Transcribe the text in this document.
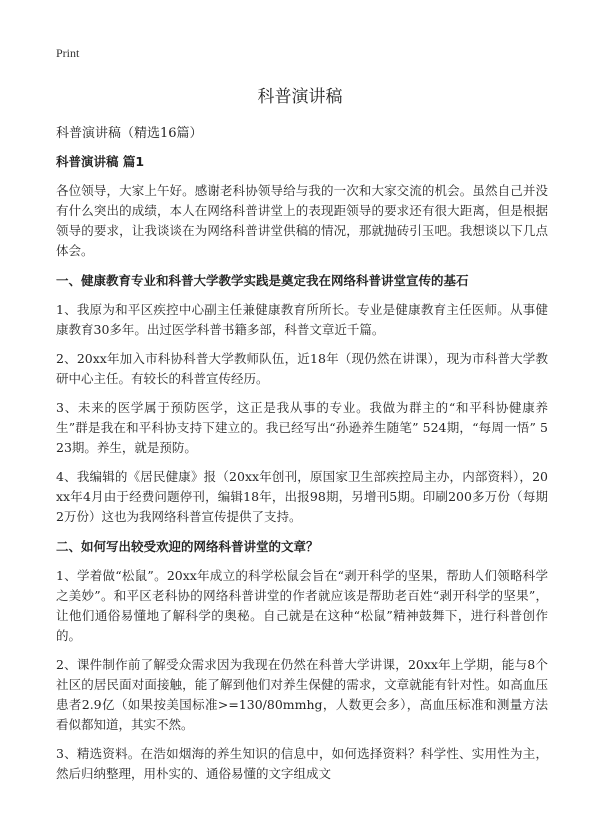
Print
科普演讲稿
科普演讲稿（精选16篇）

科普演讲稿 篇1

各位领导，大家上午好。感谢老科协领导给与我的一次和大家交流的机会。虽然自己并没有什么突出的成绩，本人在网络科普讲堂上的表现距领导的要求还有很大距离，但是根据领导的要求，让我谈谈在为网络科普讲堂供稿的情况，那就抛砖引玉吧。我想谈以下几点体会。

一、健康教育专业和科普大学教学实践是奠定我在网络科普讲堂宣传的基石

1、我原为和平区疾控中心副主任兼健康教育所所长。专业是健康教育主任医师。从事健康教育30多年。出过医学科普书籍多部，科普文章近千篇。

2、20xx年加入市科协科普大学教师队伍，近18年（现仍然在讲课），现为市科普大学教研中心主任。有较长的科普宣传经历。

3、未来的医学属于预防医学，这正是我从事的专业。我做为群主的“和平科协健康养生”群是我在和平科协支持下建立的。我已经写出“孙逊养生随笔” 524期，“每周一悟” 523期。养生，就是预防。

4、我编辑的《居民健康》报（20xx年创刊，原国家卫生部疾控局主办，内部资料），20xx年4月由于经费问题停刊，编辑18年，出报98期，另增刊5期。印刷200多万份（每期2万份）这也为我网络科普宣传提供了支持。

二、如何写出较受欢迎的网络科普讲堂的文章？

1、学着做“松鼠”。20xx年成立的科学松鼠会旨在“剥开科学的坚果，帮助人们领略科学之美妙”。和平区老科协的网络科普讲堂的作者就应该是帮助老百姓“剥开科学的坚果”，让他们通俗易懂地了解科学的奥秘。自己就是在这种“松鼠”精神鼓舞下，进行科普创作的。

2、课件制作前了解受众需求因为我现在仍然在科普大学讲课，20xx年上学期，能与8个社区的居民面对面接触，能了解到他们对养生保健的需求，文章就能有针对性。如高血压患者2.9亿（如果按美国标准>=130/80mmhg，人数更会多），高血压标准和测量方法看似都知道，其实不然。

3、精选资料。在浩如烟海的养生知识的信息中，如何选择资料？科学性、实用性为主，然后归纳整理，用朴实的、通俗易懂的文字组成文
